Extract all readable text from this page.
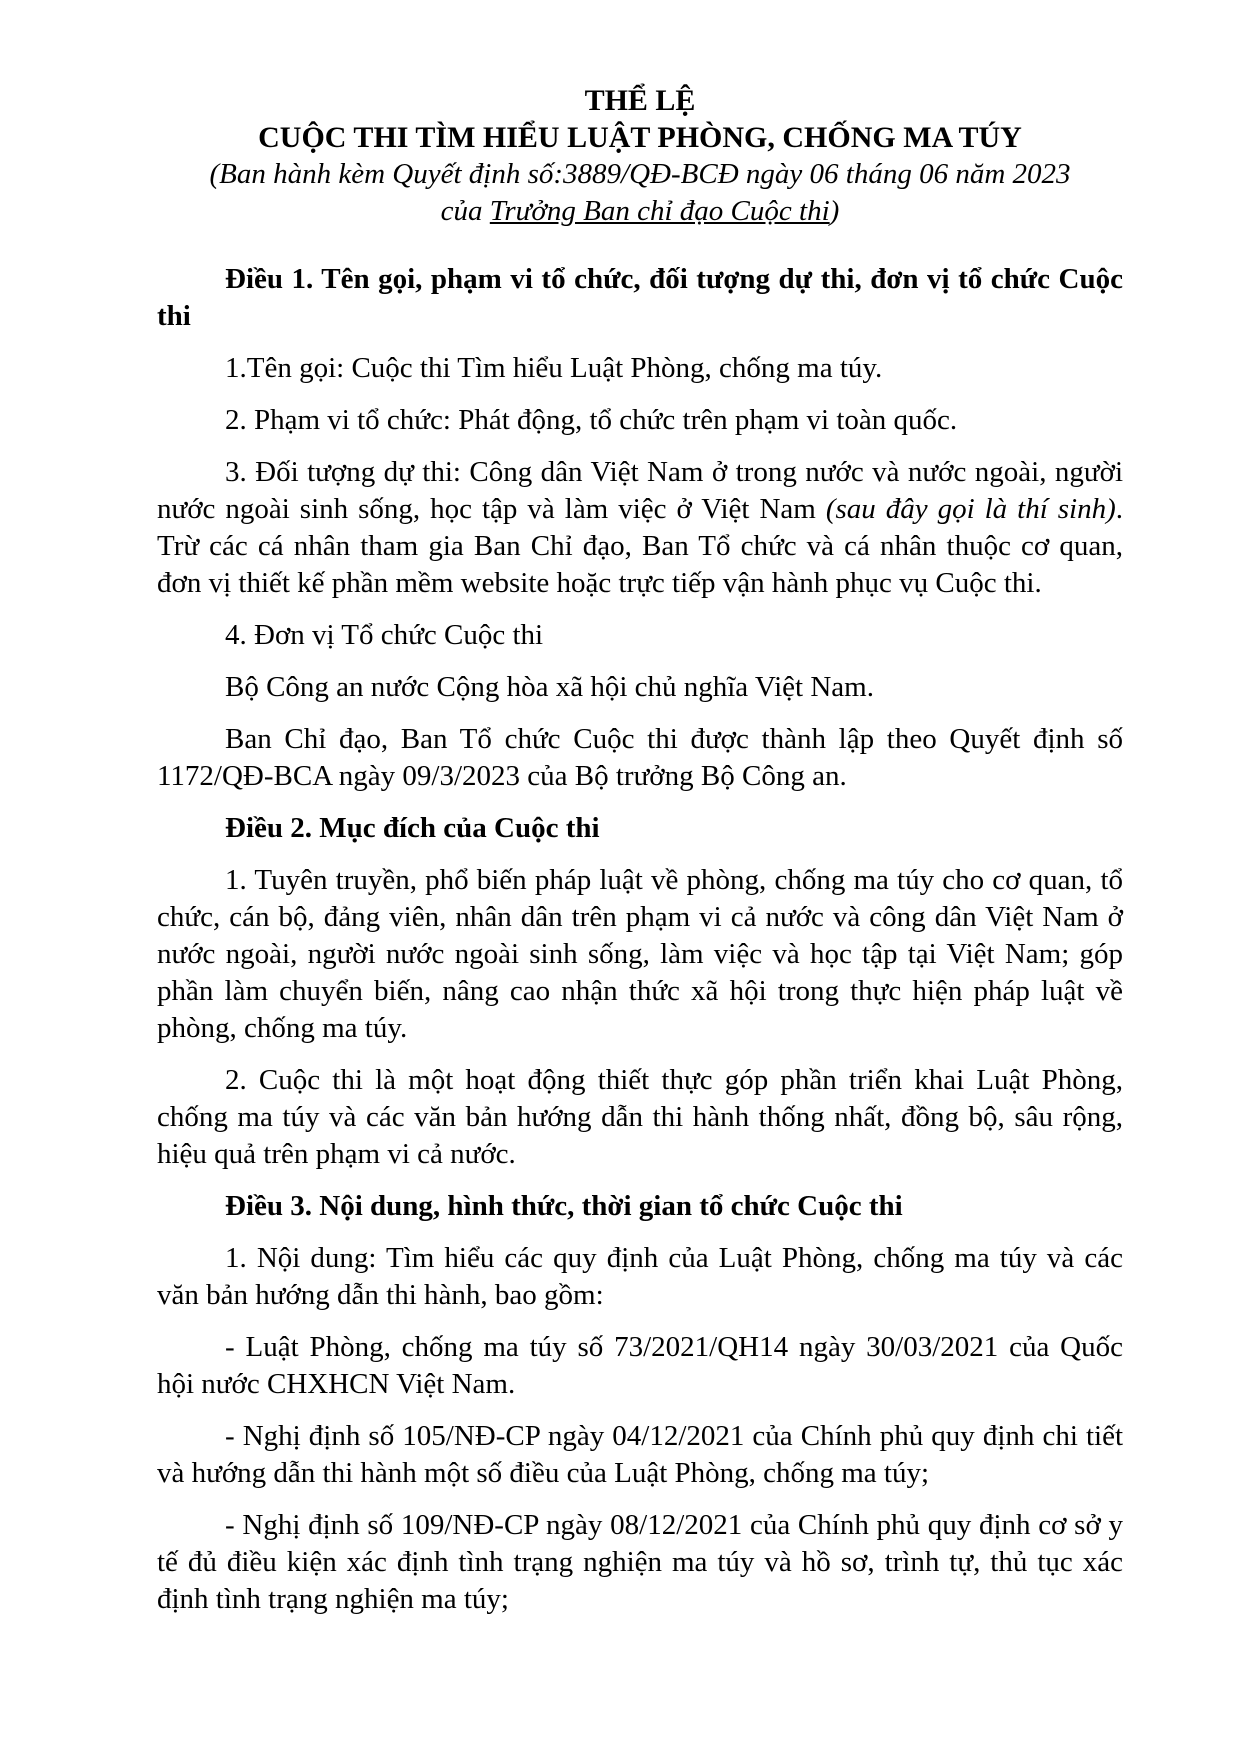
THỂ LỆ
CUỘC THI TÌM HIỂU LUẬT PHÒNG, CHỐNG MA TÚY
(Ban hành kèm Quyết định số:3889/QĐ-BCĐ ngày 06 tháng 06 năm 2023
của Trưởng Ban chỉ đạo Cuộc thi)
Điều 1. Tên gọi, phạm vi tổ chức, đối tượng dự thi, đơn vị tổ chức Cuộc thi

1.Tên gọi: Cuộc thi Tìm hiểu Luật Phòng, chống ma túy.

2. Phạm vi tổ chức: Phát động, tổ chức trên phạm vi toàn quốc.

3. Đối tượng dự thi: Công dân Việt Nam ở trong nước và nước ngoài, người nước ngoài sinh sống, học tập và làm việc ở Việt Nam (sau đây gọi là thí sinh). Trừ các cá nhân tham gia Ban Chỉ đạo, Ban Tổ chức và cá nhân thuộc cơ quan, đơn vị thiết kế phần mềm website hoặc trực tiếp vận hành phục vụ Cuộc thi.

4. Đơn vị Tổ chức Cuộc thi

Bộ Công an nước Cộng hòa xã hội chủ nghĩa Việt Nam.

Ban Chỉ đạo, Ban Tổ chức Cuộc thi được thành lập theo Quyết định số 1172/QĐ-BCA ngày 09/3/2023 của Bộ trưởng Bộ Công an.

Điều 2. Mục đích của Cuộc thi

1. Tuyên truyền, phổ biến pháp luật về phòng, chống ma túy cho cơ quan, tổ chức, cán bộ, đảng viên, nhân dân trên phạm vi cả nước và công dân Việt Nam ở nước ngoài, người nước ngoài sinh sống, làm việc và học tập tại Việt Nam; góp phần làm chuyển biến, nâng cao nhận thức xã hội trong thực hiện pháp luật về phòng, chống ma túy.

2. Cuộc thi là một hoạt động thiết thực góp phần triển khai Luật Phòng, chống ma túy và các văn bản hướng dẫn thi hành thống nhất, đồng bộ, sâu rộng, hiệu quả trên phạm vi cả nước.

Điều 3. Nội dung, hình thức, thời gian tổ chức Cuộc thi

1. Nội dung: Tìm hiểu các quy định của Luật Phòng, chống ma túy và các văn bản hướng dẫn thi hành, bao gồm:

- Luật Phòng, chống ma túy số 73/2021/QH14 ngày 30/03/2021 của Quốc hội nước CHXHCN Việt Nam.

- Nghị định số 105/NĐ-CP ngày 04/12/2021 của Chính phủ quy định chi tiết và hướng dẫn thi hành một số điều của Luật Phòng, chống ma túy;

- Nghị định số 109/NĐ-CP ngày 08/12/2021 của Chính phủ quy định cơ sở y tế đủ điều kiện xác định tình trạng nghiện ma túy và hồ sơ, trình tự, thủ tục xác định tình trạng nghiện ma túy;
